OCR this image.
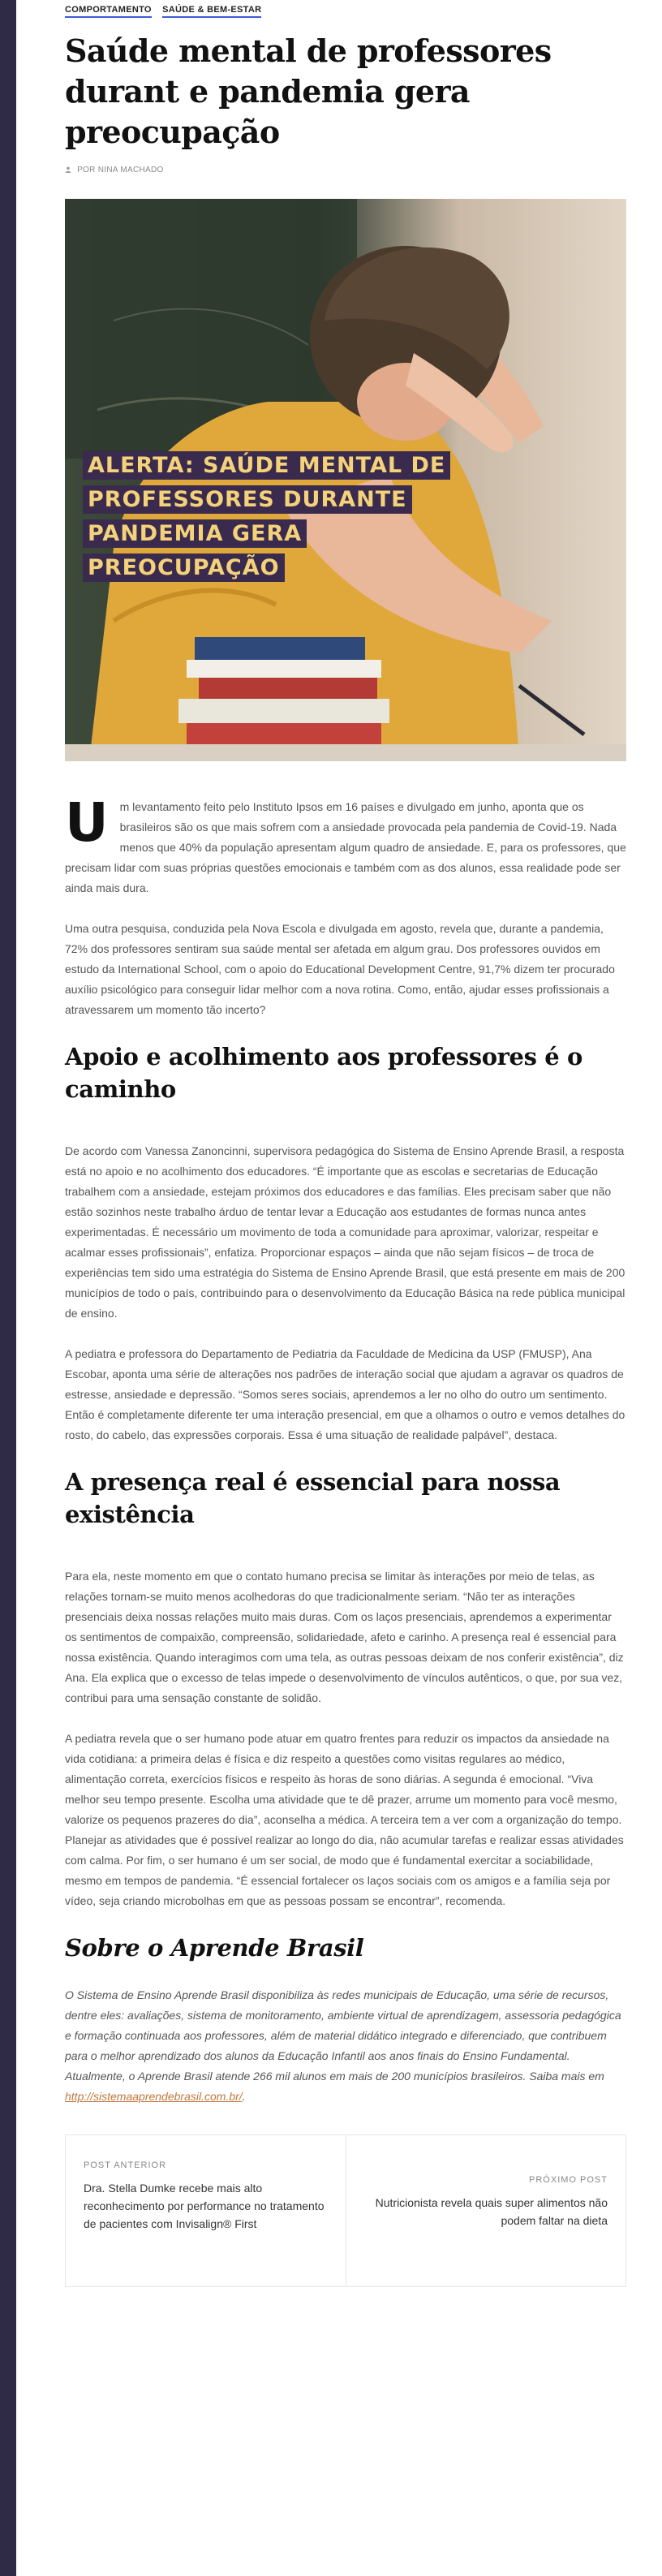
COMPORTAMENTO SAÚDE & BEM-ESTAR
Saúde mental de professores durant e pandemia gera preocupação
POR NINA MACHADO
ALERTA: SAÚDE MENTAL DE
PROFESSORES DURANTE
PANDEMIA GERA
PREOCUPAÇÃO

U m levantamento feito pelo Instituto Ipsos em 16 países e divulgado em junho, aponta que os brasileiros são os que mais sofrem com a ansiedade provocada pela pandemia de Covid-19. Nada menos que 40% da população apresentam algum quadro de ansiedade. E, para os professores, que precisam lidar com suas próprias questões emocionais e também com as dos alunos, essa realidade pode ser ainda mais dura.

Uma outra pesquisa, conduzida pela Nova Escola e divulgada em agosto, revela que, durante a pandemia, 72% dos professores sentiram sua saúde mental ser afetada em algum grau. Dos professores ouvidos em estudo da International School, com o apoio do Educational Development Centre, 91,7% dizem ter procurado auxílio psicológico para conseguir lidar melhor com a nova rotina. Como, então, ajudar esses profissionais a atravessarem um momento tão incerto?

Apoio e acolhimento aos professores é o caminho

De acordo com Vanessa Zanoncinni, supervisora pedagógica do Sistema de Ensino Aprende Brasil, a resposta está no apoio e no acolhimento dos educadores. “É importante que as escolas e secretarias de Educação trabalhem com a ansiedade, estejam próximos dos educadores e das famílias. Eles precisam saber que não estão sozinhos neste trabalho árduo de tentar levar a Educação aos estudantes de formas nunca antes experimentadas. É necessário um movimento de toda a comunidade para aproximar, valorizar, respeitar e acalmar esses profissionais”, enfatiza. Proporcionar espaços – ainda que não sejam físicos – de troca de experiências tem sido uma estratégia do Sistema de Ensino Aprende Brasil, que está presente em mais de 200 municípios de todo o país, contribuindo para o desenvolvimento da Educação Básica na rede pública municipal de ensino.

A pediatra e professora do Departamento de Pediatria da Faculdade de Medicina da USP (FMUSP), Ana Escobar, aponta uma série de alterações nos padrões de interação social que ajudam a agravar os quadros de estresse, ansiedade e depressão. “Somos seres sociais, aprendemos a ler no olho do outro um sentimento. Então é completamente diferente ter uma interação presencial, em que a olhamos o outro e vemos detalhes do rosto, do cabelo, das expressões corporais. Essa é uma situação de realidade palpável”, destaca.

A presença real é essencial para nossa existência

Para ela, neste momento em que o contato humano precisa se limitar às interações por meio de telas, as relações tornam-se muito menos acolhedoras do que tradicionalmente seriam. “Não ter as interações presenciais deixa nossas relações muito mais duras. Com os laços presenciais, aprendemos a experimentar os sentimentos de compaixão, compreensão, solidariedade, afeto e carinho. A presença real é essencial para nossa existência. Quando interagimos com uma tela, as outras pessoas deixam de nos conferir existência”, diz Ana. Ela explica que o excesso de telas impede o desenvolvimento de vínculos autênticos, o que, por sua vez, contribui para uma sensação constante de solidão.

A pediatra revela que o ser humano pode atuar em quatro frentes para reduzir os impactos da ansiedade na vida cotidiana: a primeira delas é física e diz respeito a questões como visitas regulares ao médico, alimentação correta, exercícios físicos e respeito às horas de sono diárias. A segunda é emocional. “Viva melhor seu tempo presente. Escolha uma atividade que te dê prazer, arrume um momento para você mesmo, valorize os pequenos prazeres do dia”, aconselha a médica. A terceira tem a ver com a organização do tempo. Planejar as atividades que é possível realizar ao longo do dia, não acumular tarefas e realizar essas atividades com calma. Por fim, o ser humano é um ser social, de modo que é fundamental exercitar a sociabilidade, mesmo em tempos de pandemia. “É essencial fortalecer os laços sociais com os amigos e a família seja por vídeo, seja criando microbolhas em que as pessoas possam se encontrar”, recomenda.

Sobre o Aprende Brasil

O Sistema de Ensino Aprende Brasil disponibiliza às redes municipais de Educação, uma série de recursos, dentre eles: avaliações, sistema de monitoramento, ambiente virtual de aprendizagem, assessoria pedagógica e formação continuada aos professores, além de material didático integrado e diferenciado, que contribuem para o melhor aprendizado dos alunos da Educação Infantil aos anos finais do Ensino Fundamental. Atualmente, o Aprende Brasil atende 266 mil alunos em mais de 200 municípios brasileiros. Saiba mais em http://sistemaaprendebrasil.com.br/.

POST ANTERIOR
Dra. Stella Dumke recebe mais alto reconhecimento por performance no tratamento de pacientes com Invisalign® First
PRÓXIMO POST
Nutricionista revela quais super alimentos não podem faltar na dieta
